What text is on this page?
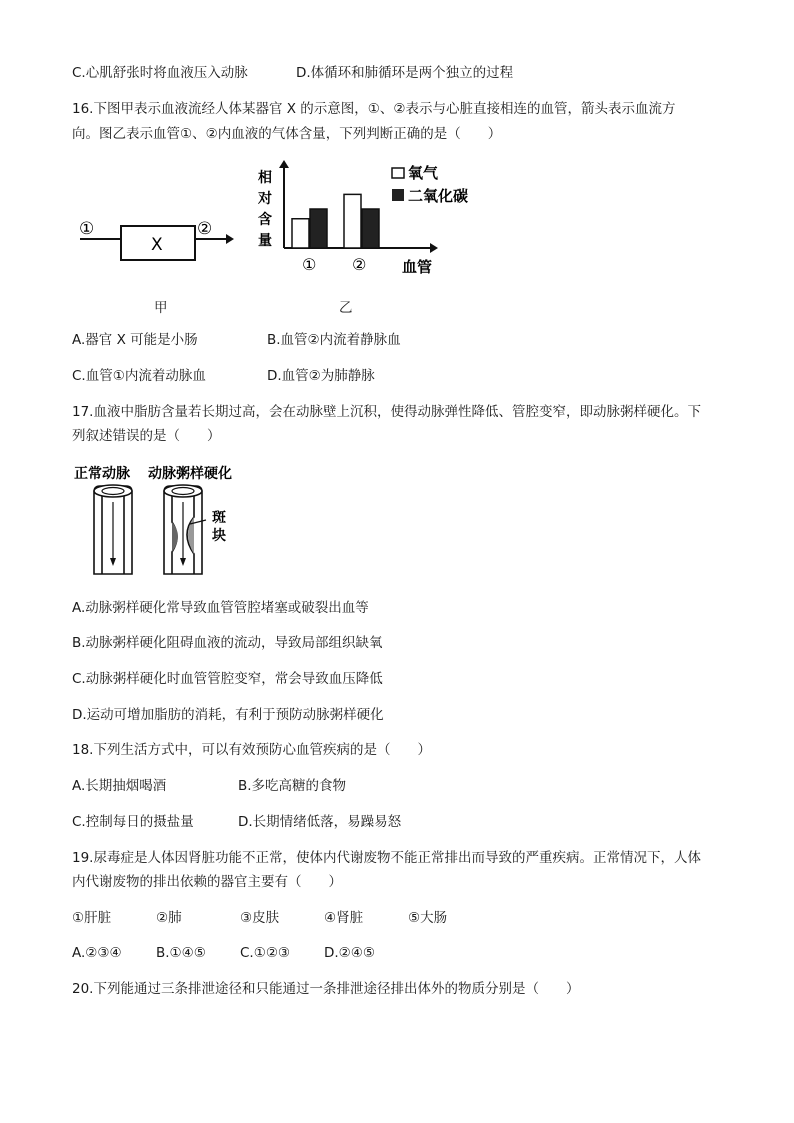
C.心肌舒张时将血液压入动脉	D.体循环和肺循环是两个独立的过程
16.下图甲表示血液流经人体某器官 X 的示意图，①、②表示与心脏直接相连的血管，箭头表示血流方
向。图乙表示血管①、②内血液的气体含量，下列判断正确的是（　　）
①
X
②
甲
相
对
含
量
① ② 血管
氧气
二氧化碳
乙
A.器官 X 可能是小肠	B.血管②内流着静脉血
C.血管①内流着动脉血	D.血管②为肺静脉
17.血液中脂肪含量若长期过高，会在动脉壁上沉积，使得动脉弹性降低、管腔变窄，即动脉粥样硬化。下
列叙述错误的是（　　）
正常动脉 动脉粥样硬化
斑
块
A.动脉粥样硬化常导致血管管腔堵塞或破裂出血等
B.动脉粥样硬化阻碍血液的流动，导致局部组织缺氧
C.动脉粥样硬化时血管管腔变窄，常会导致血压降低
D.运动可增加脂肪的消耗，有利于预防动脉粥样硬化
18.下列生活方式中，可以有效预防心血管疾病的是（　　）
A.长期抽烟喝酒	B.多吃高糖的食物
C.控制每日的摄盐量	D.长期情绪低落，易躁易怒
19.尿毒症是人体因肾脏功能不正常，使体内代谢废物不能正常排出而导致的严重疾病。正常情况下，人体
内代谢废物的排出依赖的器官主要有（　　）
①肝脏	②肺	③皮肤	④肾脏	⑤大肠
A.②③④	B.①④⑤	C.①②③	D.②④⑤
20.下列能通过三条排泄途径和只能通过一条排泄途径排出体外的物质分别是（　　）
